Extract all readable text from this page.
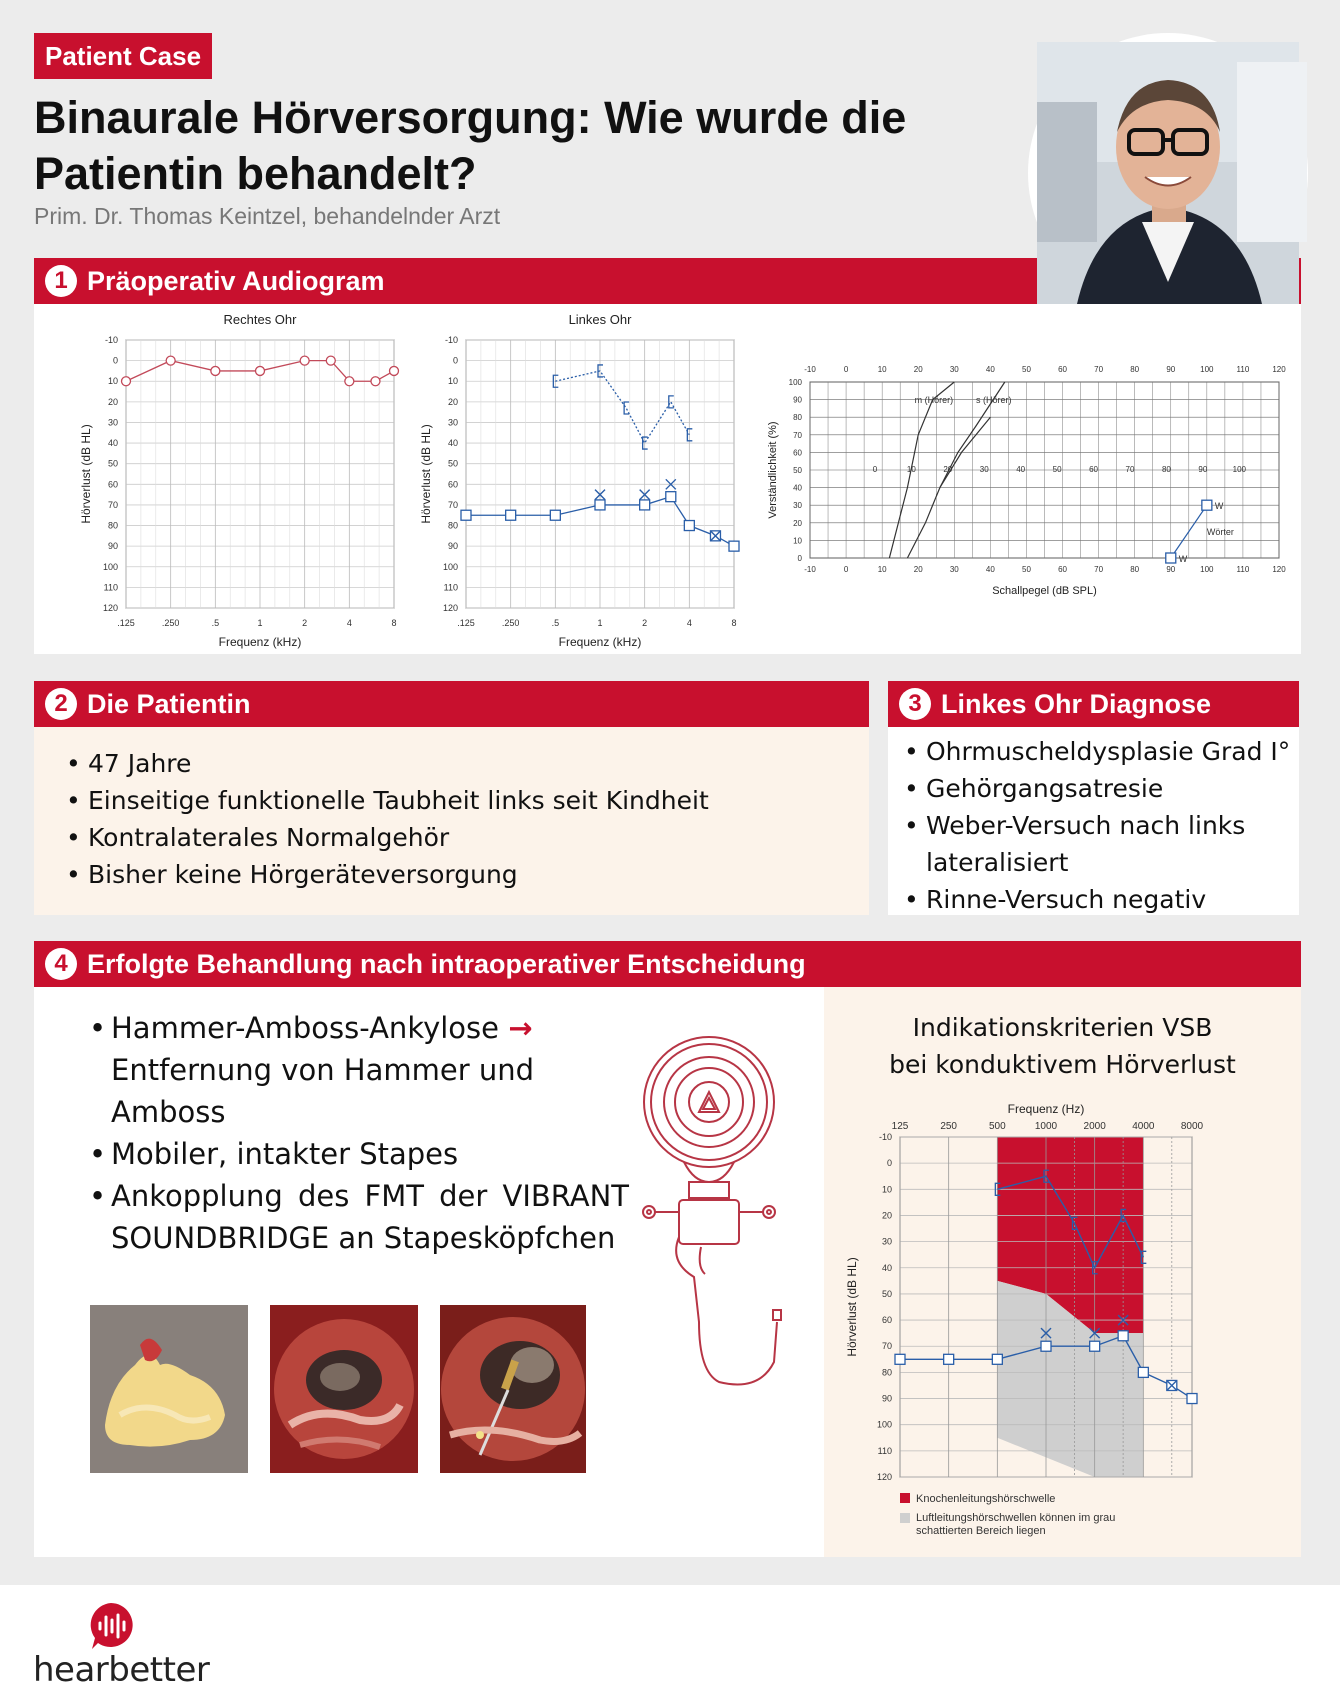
Patient Case
Binaurale Hörversorgung: Wie wurde die Patientin behandelt?
Prim. Dr. Thomas Keintzel, behandelnder Arzt
1 Präoperativ Audiogram
-10
0
10
20
30
40
50
60
70
80
90
100
110
120
.125	.250	.5	1	2	4	8
Rechtes Ohr
Frequenz (kHz)
Hörverlust (dB HL)
-10
0
10
20
30
40
50
60
70
80
90
100
110
120
.125	.250	.5	1	2	4	8
Linkes Ohr
Frequenz (kHz)
Hörverlust (dB HL)
0
10
20
30
40
50
60
70
80
90
100
-10	0	10	20	30	40	50	60	70	80	90	100	110	120
-10	0	10	20	30	40	50	60	70	80	90	100	110	120
0	10	20	30	40	50	60	70	80	90	100
Schallpegel (dB SPL)
Verständlichkeit (%)
W
W
m (Hörer)	s (Hörer)
Wörter
2 Die Patientin
• 47 Jahre
• Einseitige funktionelle Taubheit links seit Kindheit
• Kontralaterales Normalgehör
• Bisher keine Hörgeräteversorgung
3 Linkes Ohr Diagnose
• Ohrmuscheldysplasie Grad I°
• Gehörgangsatresie
• Weber-Versuch nach links lateralisiert
• Rinne-Versuch negativ
4 Erfolgte Behandlung nach intraoperativer Entscheidung
• Hammer-Amboss-Ankylose → Entfernung von Hammer und Amboss
• Mobiler, intakter Stapes
• Ankopplung des FMT der VIBRANT SOUNDBRIDGE an Stapesköpfchen
Indikationskriterien VSB
bei konduktivem Hörverlust
-10
0
10
20
30
40
50
60
70
80
90
100
110
120
125	250	500	1000	2000	4000	8000
Frequenz (Hz)
Hörverlust (dB HL)
Knochenleitungshörschwelle
Luftleitungshörschwellen können im grau schattierten Bereich liegen
hearbetter
